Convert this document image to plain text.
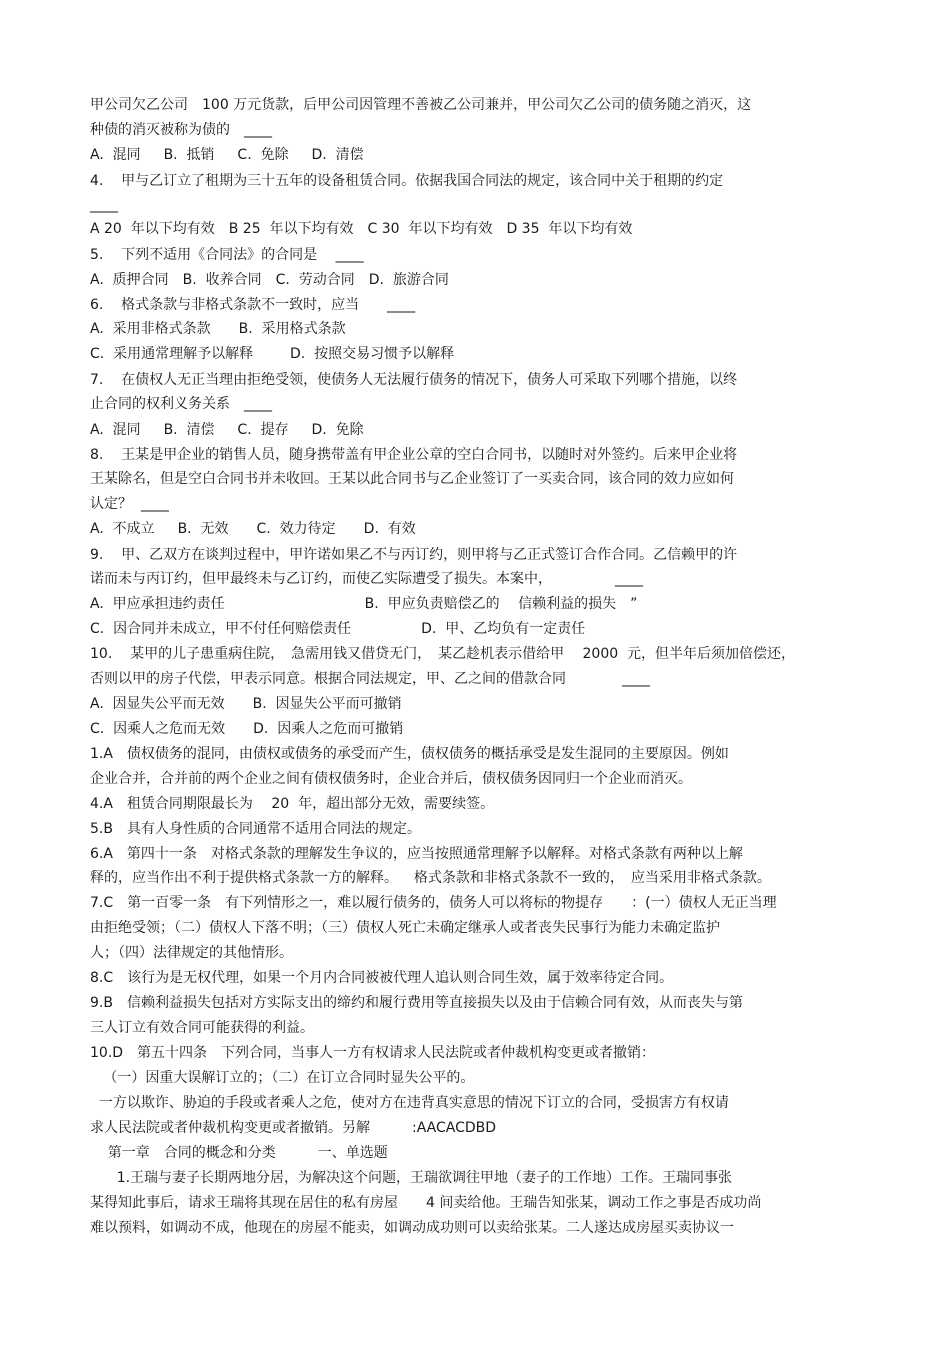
甲公司欠乙公司　100 万元货款，后甲公司因管理不善被乙公司兼并，甲公司欠乙公司的债务随之消灭，这
种债的消灭被称为债的　____
A.  混同　  B.  抵销　  C.  免除　  D.  清偿
4.    甲与乙订立了租期为三十五年的设备租赁合同。依据我国合同法的规定，该合同中关于租期的约定
____
A 20  年以下均有效　B 25  年以下均有效　C 30  年以下均有效　D 35  年以下均有效
5.    下列不适用《合同法》的合同是　 ____
A.  质押合同　B.  收养合同　C.  劳动合同　D.  旅游合同
6.    格式条款与非格式条款不一致时，应当　　____
A.  采用非格式条款　　B.  采用格式条款
C.  采用通常理解予以解释　　  D.  按照交易习惯予以解释
7.    在债权人无正当理由拒绝受领，使债务人无法履行债务的情况下，债务人可采取下列哪个措施，以终
止合同的权利义务关系　____
A.  混同　  B.  清偿　  C.  提存　  D.  免除
8.    王某是甲企业的销售人员，随身携带盖有甲企业公章的空白合同书，以随时对外签约。后来甲企业将
王某除名，但是空白合同书并未收回。王某以此合同书与乙企业签订了一买卖合同，该合同的效力应如何
认定？  ____
A.  不成立　  B.  无效　　C.  效力待定　　D.  有效
9.    甲、乙双方在谈判过程中，甲许诺如果乙不与丙订约，则甲将与乙正式签订合作合同。乙信赖甲的许
诺而未与丙订约，但甲最终未与乙订约，而使乙实际遭受了损失。本案中，　　　　　____
A.  甲应承担违约责任　　　　　　　　　　B.  甲应负责赔偿乙的　 信赖利益的损失　”
C.  因合同并未成立，甲不付任何赔偿责任　　　　　D.  甲、乙均负有一定责任
10.    某甲的儿子患重病住院，　急需用钱又借贷无门，　某乙趁机表示借给甲　 2000  元，但半年后须加倍偿还，
否则以甲的房子代偿，甲表示同意。根据合同法规定，甲、乙之间的借款合同　　　　____
A.  因显失公平而无效　　B.  因显失公平而可撤销
C.  因乘人之危而无效　　D.  因乘人之危而可撤销
1.A　债权债务的混同，由债权或债务的承受而产生，债权债务的概括承受是发生混同的主要原因。例如
企业合并，合并前的两个企业之间有债权债务时，企业合并后，债权债务因同归一个企业而消灭。
4.A　租赁合同期限最长为　 20  年，超出部分无效，需要续签。
5.B　具有人身性质的合同通常不适用合同法的规定。
6.A　第四十一条　对格式条款的理解发生争议的，应当按照通常理解予以解释。对格式条款有两种以上解
释的，应当作出不利于提供格式条款一方的解释。　  格式条款和非格式条款不一致的，　应当采用非格式条款。
7.C　第一百零一条　有下列情形之一，难以履行债务的，债务人可以将标的物提存　　：(一）债权人无正当理
由拒绝受领；（二）债权人下落不明；（三）债权人死亡未确定继承人或者丧失民事行为能力未确定监护
人；（四）法律规定的其他情形。
8.C　该行为是无权代理，如果一个月内合同被被代理人追认则合同生效，属于效率待定合同。
9.B　信赖利益损失包括对方实际支出的缔约和履行费用等直接损失以及由于信赖合同有效，从而丧失与第
三人订立有效合同可能获得的利益。
10.D　第五十四条　下列合同，当事人一方有权请求人民法院或者仲裁机构变更或者撤销：
（一）因重大误解订立的；（二）在订立合同时显失公平的。
一方以欺诈、胁迫的手段或者乘人之危，使对方在违背真实意思的情况下订立的合同，受损害方有权请
求人民法院或者仲裁机构变更或者撤销。另解　　　:AACACDBD
第一章　合同的概念和分类　　　一、单选题
1.王瑞与妻子长期两地分居，为解决这个问题，王瑞欲调往甲地（妻子的工作地）工作。王瑞同事张
某得知此事后，请求王瑞将其现在居住的私有房屋　　4 间卖给他。王瑞告知张某，调动工作之事是否成功尚
难以预料，如调动不成，他现在的房屋不能卖，如调动成功则可以卖给张某。二人遂达成房屋买卖协议一
